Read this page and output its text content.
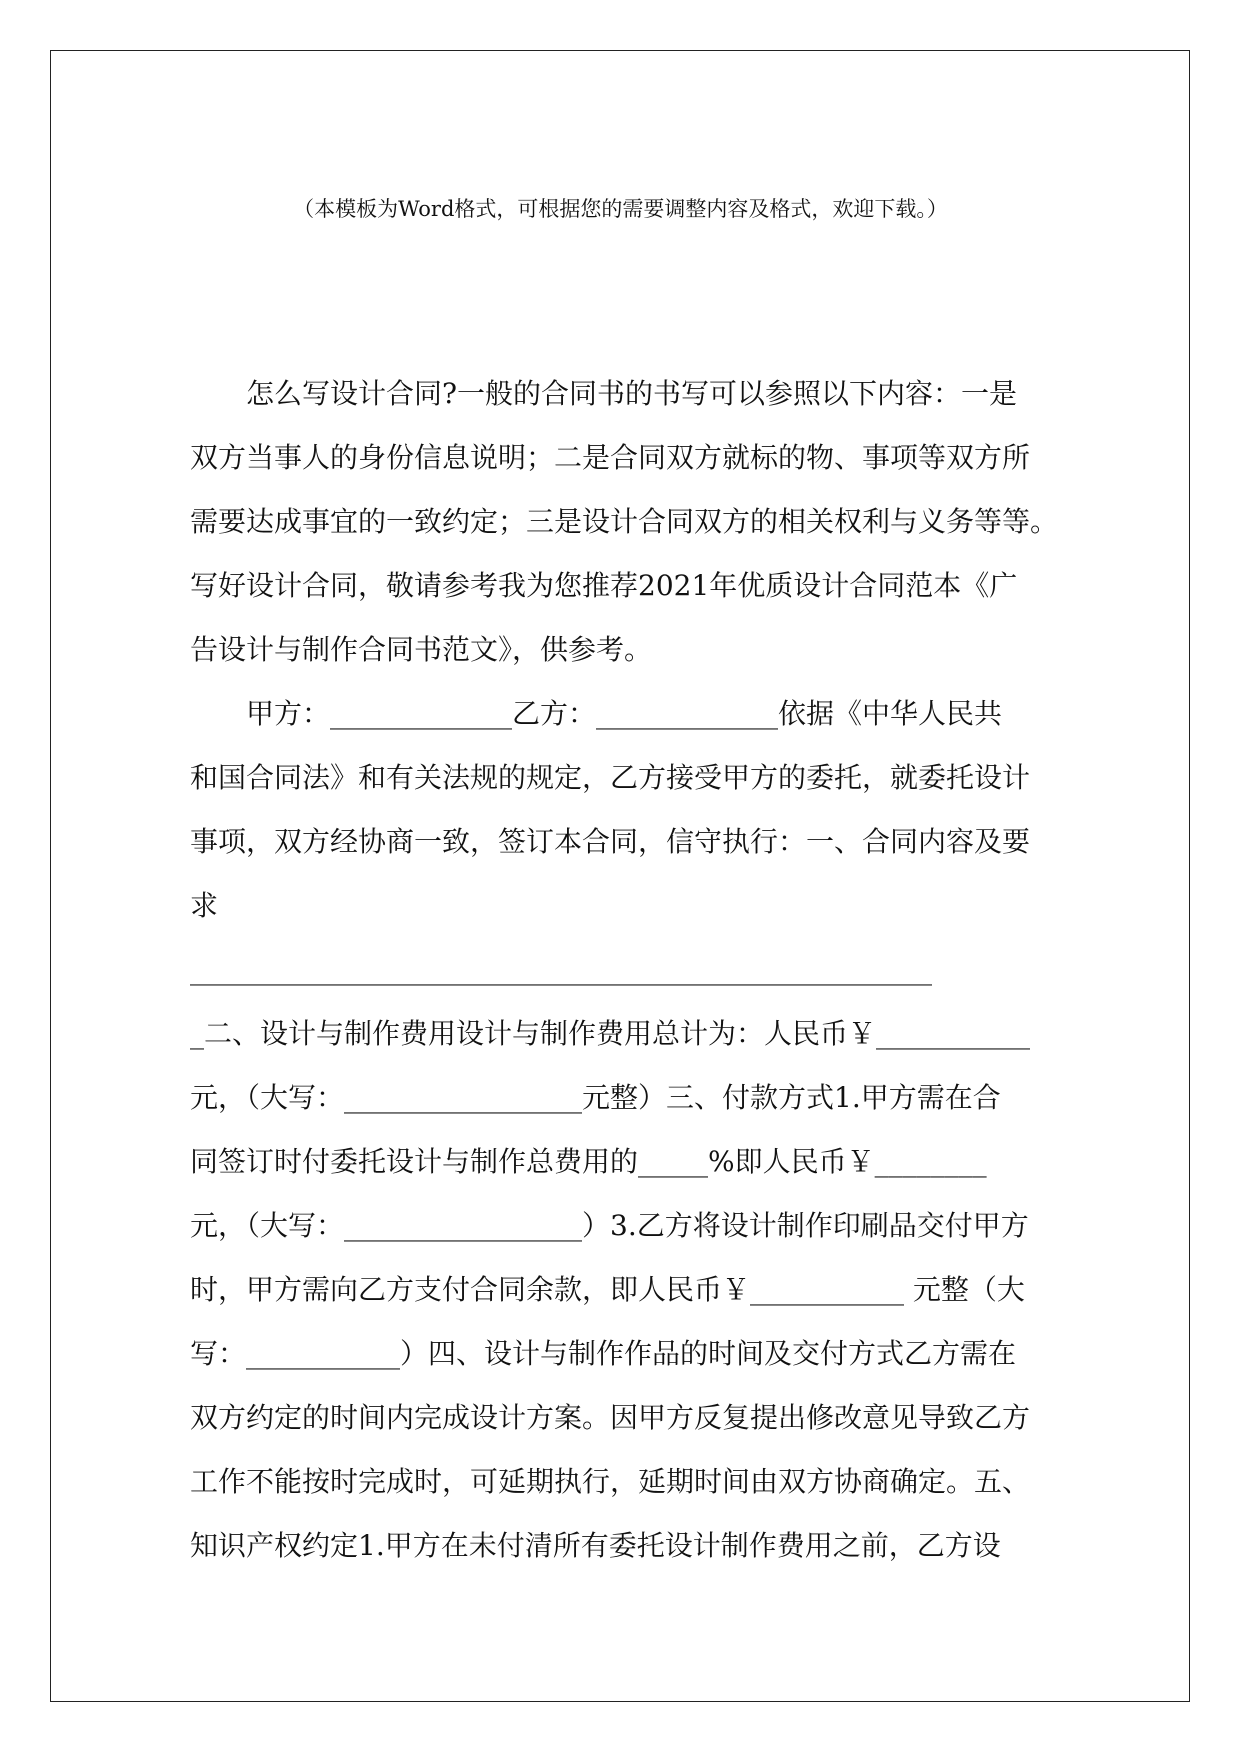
（本模板为Word格式，可根据您的需要调整内容及格式，欢迎下载。）
怎么写设计合同?一般的合同书的书写可以参照以下内容：一是
双方当事人的身份信息说明；二是合同双方就标的物、事项等双方所
需要达成事宜的一致约定；三是设计合同双方的相关权利与义务等等。
写好设计合同，敬请参考我为您推荐2021年优质设计合同范本《广
告设计与制作合同书范文》，供参考。
甲方：_____________乙方：_____________依据《中华人民共
和国合同法》和有关法规的规定，乙方接受甲方的委托，就委托设计
事项，双方经协商一致，签订本合同，信守执行：一、合同内容及要
求
_____________________________________________________
_二、设计与制作费用设计与制作费用总计为：人民币￥___________
元，（大写：_________________元整）三、付款方式1.甲方需在合
同签订时付委托设计与制作总费用的_____%即人民币￥________
元，（大写：_________________）3.乙方将设计制作印刷品交付甲方
时，甲方需向乙方支付合同余款，即人民币￥___________ 元整（大
写：___________）四、设计与制作作品的时间及交付方式乙方需在
双方约定的时间内完成设计方案。因甲方反复提出修改意见导致乙方
工作不能按时完成时，可延期执行，延期时间由双方协商确定。五、
知识产权约定1.甲方在未付清所有委托设计制作费用之前，乙方设
